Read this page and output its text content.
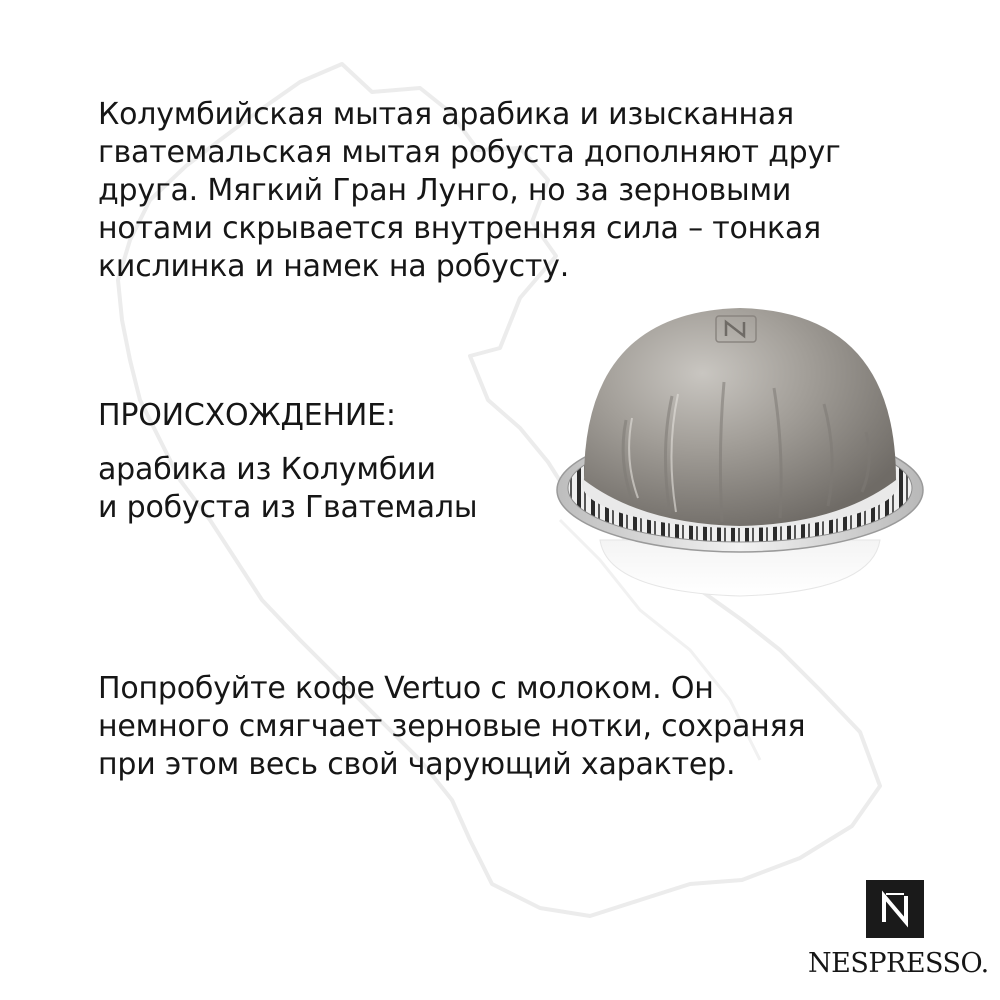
Колумбийская мытая арабика и изысканная
гватемальская мытая робуста дополняют друг
друга. Мягкий Гран Лунго, но за зерновыми
нотами скрывается внутренняя сила – тонкая
кислинка и намек на робусту.

ПРОИСХОЖДЕНИЕ:

арабика из Колумбии
и робуста из Гватемалы

Попробуйте кофе Vertuo с молоком. Он
немного смягчает зерновые нотки, сохраняя
при этом весь свой чарующий характер.

NESPRESSO.
